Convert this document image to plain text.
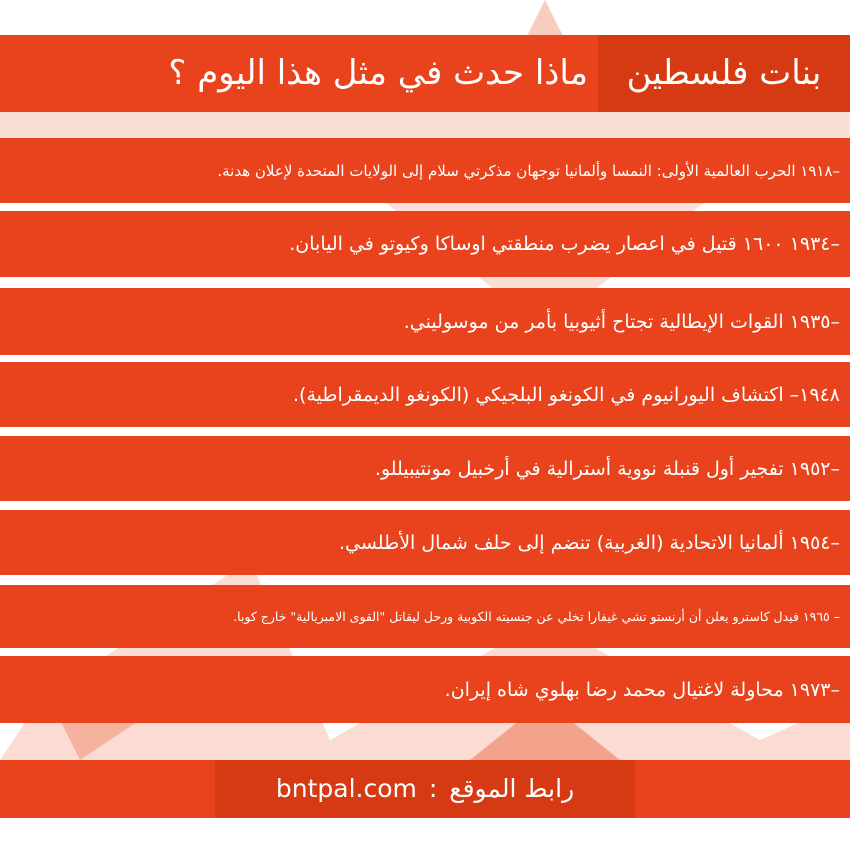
بنات فلسطين
ماذا حدث في مثل هذا اليوم ؟
–١٩١٨ الحرب العالمية الأولى: النمسا وألمانيا توجهان مذكرتي سلام إلى الولايات المتحدة لإعلان هدنة.
–١٩٣٤ ١٦٠٠ قتيل في اعصار يضرب منطقتي اوساكا وكيوتو في اليابان.
–١٩٣٥ القوات الإيطالية تجتاح أثيوبيا بأمر من موسوليني.
١٩٤٨– اكتشاف اليورانيوم في الكونغو البلجيكي (الكونغو الديمقراطية).
–١٩٥٢ تفجير أول قنبلة نووية أسترالية في أرخبيل مونتيبيللو.
–١٩٥٤ ألمانيا الاتحادية (الغربية) تنضم إلى حلف شمال الأطلسي.
– ١٩٦٥ فيدل كاسترو يعلن أن أرنستو تشي غيفارا تخلي عن جنسيته الكوبية ورحل ليقاتل "القوى الامبريالية" خارج كوبا.
–١٩٧٣ محاولة لاغتيال محمد رضا بهلوي شاه إيران.
رابط الموقع:bntpal.com
